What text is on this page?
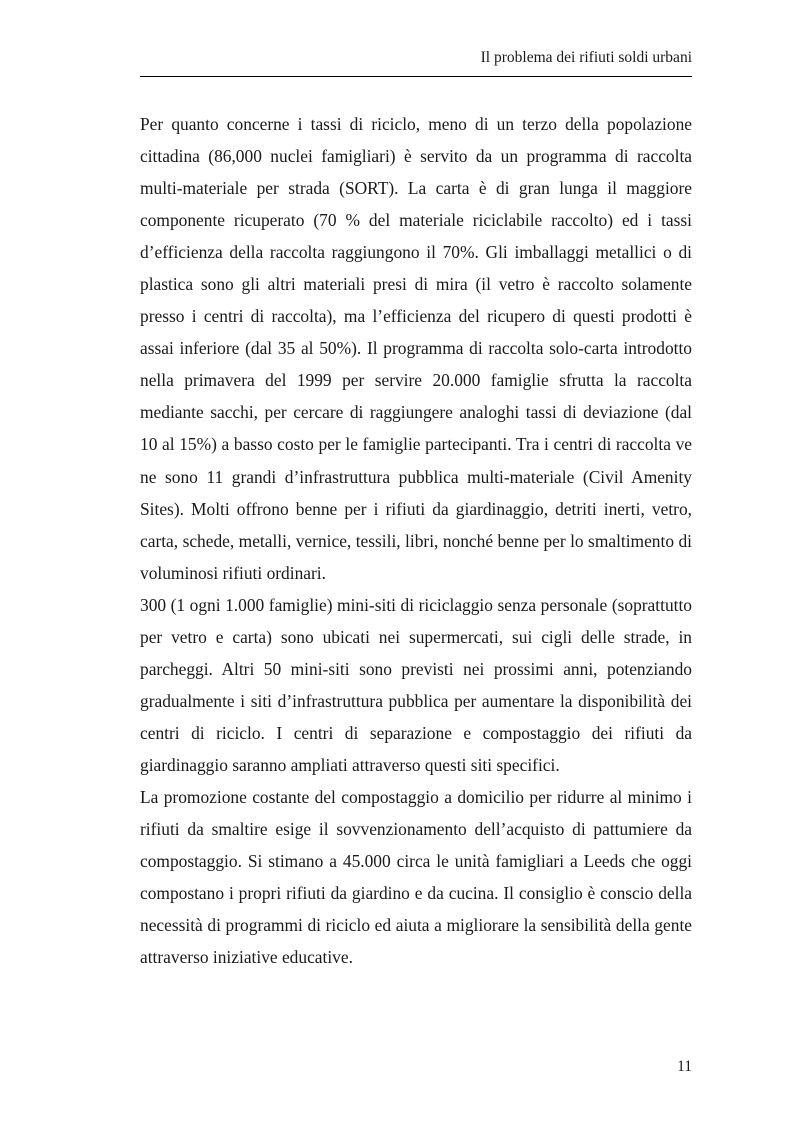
Il problema dei rifiuti soldi urbani

Per quanto concerne i tassi di riciclo, meno di un terzo della popolazione cittadina (86,000 nuclei famigliari) è servito da un programma di raccolta multi-materiale per strada (SORT). La carta è di gran lunga il maggiore componente ricuperato (70 % del materiale riciclabile raccolto) ed i tassi d’efficienza della raccolta raggiungono il 70%. Gli imballaggi metallici o di plastica sono gli altri materiali presi di mira (il vetro è raccolto solamente presso i centri di raccolta), ma l’efficienza del ricupero di questi prodotti è assai inferiore (dal 35 al 50%). Il programma di raccolta solo-carta introdotto nella primavera del 1999 per servire 20.000 famiglie sfrutta la raccolta mediante sacchi, per cercare di raggiungere analoghi tassi di deviazione (dal 10 al 15%) a basso costo per le famiglie partecipanti. Tra i centri di raccolta ve ne sono 11 grandi d’infrastruttura pubblica multi-materiale (Civil Amenity Sites). Molti offrono benne per i rifiuti da giardinaggio, detriti inerti, vetro, carta, schede, metalli, vernice, tessili, libri, nonché benne per lo smaltimento di voluminosi rifiuti ordinari.

300 (1 ogni 1.000 famiglie) mini-siti di riciclaggio senza personale (soprattutto per vetro e carta) sono ubicati nei supermercati, sui cigli delle strade, in parcheggi. Altri 50 mini-siti sono previsti nei prossimi anni, potenziando gradualmente i siti d’infrastruttura pubblica per aumentare la disponibilità dei centri di riciclo. I centri di separazione e compostaggio dei rifiuti da giardinaggio saranno ampliati attraverso questi siti specifici.

La promozione costante del compostaggio a domicilio per ridurre al minimo i rifiuti da smaltire esige il sovvenzionamento dell’acquisto di pattumiere da compostaggio. Si stimano a 45.000 circa le unità famigliari a Leeds che oggi compostano i propri rifiuti da giardino e da cucina. Il consiglio è conscio della necessità di programmi di riciclo ed aiuta a migliorare la sensibilità della gente attraverso iniziative educative.

11
